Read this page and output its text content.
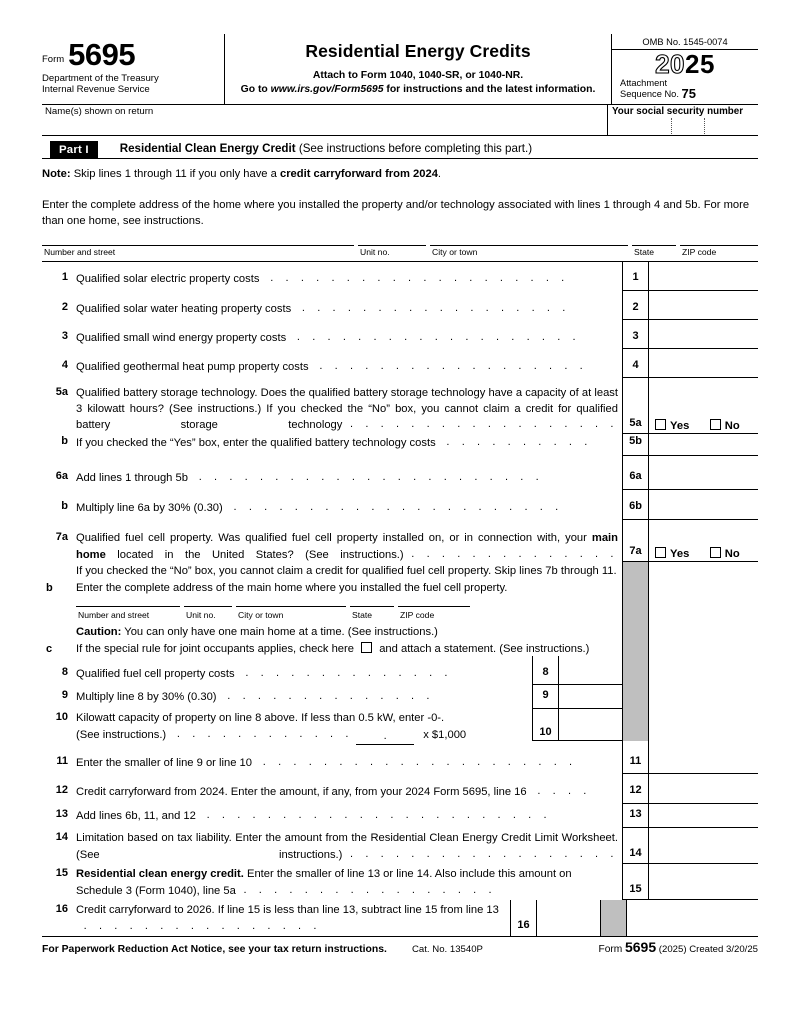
Form 5695
Department of the Treasury
Internal Revenue Service
Residential Energy Credits
Attach to Form 1040, 1040-SR, or 1040-NR.
Go to www.irs.gov/Form5695 for instructions and the latest information.
OMB No. 1545-0074
2025
Attachment
Sequence No. 75
Name(s) shown on return	Your social security number
Part I	Residential Clean Energy Credit (See instructions before completing this part.)
Note: Skip lines 1 through 11 if you only have a credit carryforward from 2024.
Enter the complete address of the home where you installed the property and/or technology associated with lines 1 through 4 and 5b. For more than one home, see instructions.
Number and street	Unit no.	City or town	State	ZIP code
1 Qualified solar electric property costs  . . . . . . . . . . . . . . . . . . . .	1
2 Qualified solar water heating property costs  . . . . . . . . . . . . . . . . . .	2
3 Qualified small wind energy property costs  . . . . . . . . . . . . . . . . . . .	3
4 Qualified geothermal heat pump property costs  . . . . . . . . . . . . . . . . . .	4
5a Qualified battery storage technology. Does the qualified battery storage technology have a capacity of at least 3 kilowatt hours? (See instructions.) If you checked the “No” box, you cannot claim a credit for qualified battery storage technology . . . . . . . . . . . . . . . . . .	5a	Yes	No
b If you checked the “Yes” box, enter the qualified battery technology costs  . . . . . . . . . .	5b
6a Add lines 1 through 5b  . . . . . . . . . . . . . . . . . . . . . . .	6a
b Multiply line 6a by 30% (0.30)  . . . . . . . . . . . . . . . . . . . . . .	6b
7a Qualified fuel cell property. Was qualified fuel cell property installed on, or in connection with, your main home located in the United States? (See instructions.) . . . . . . . . . . . . . .	7a	Yes	No
If you checked the “No” box, you cannot claim a credit for qualified fuel cell property. Skip lines 7b through 11.
b Enter the complete address of the main home where you installed the fuel cell property.
Number and street	Unit no.	City or town	State	ZIP code
Caution: You can only have one main home at a time. (See instructions.)
c If the special rule for joint occupants applies, check here and attach a statement. (See instructions.)
8 Qualified fuel cell property costs  . . . . . . . . . . . . . .	8
9 Multiply line 8 by 30% (0.30)  . . . . . . . . . . . . . .	9
10 Kilowatt capacity of property on line 8 above. If less than 0.5 kW, enter -0-.
(See instructions.)  . . . . . . . . . . . .	.	x $1,000	10
11 Enter the smaller of line 9 or line 10  . . . . . . . . . . . . . . . . . . . . .	11
12 Credit carryforward from 2024. Enter the amount, if any, from your 2024 Form 5695, line 16  . . . .	12
13 Add lines 6b, 11, and 12  . . . . . . . . . . . . . . . . . . . . . . .	13
14 Limitation based on tax liability. Enter the amount from the Residential Clean Energy Credit Limit Worksheet. (See instructions.) . . . . . . . . . . . . . . . . . .	14
15 Residential clean energy credit. Enter the smaller of line 13 or line 14. Also include this amount on Schedule 3 (Form 1040), line 5a . . . . . . . . . . . . . . . . .	15
16 Credit carryforward to 2026. If line 15 is less than line 13, subtract line 15 from line 13 . . . . . . . . . . . . . . . .	16
For Paperwork Reduction Act Notice, see your tax return instructions.	Cat. No. 13540P	Form 5695 (2025) Created 3/20/25
